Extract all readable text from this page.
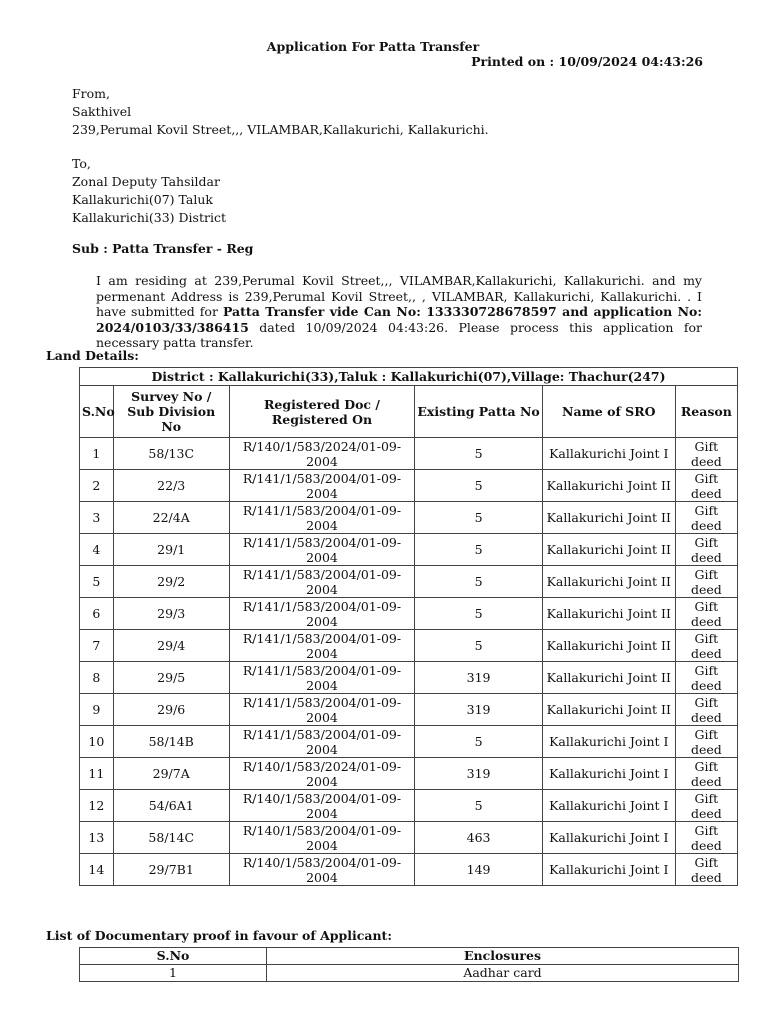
Application For Patta Transfer
Printed on : 10/09/2024 04:43:26
From,
Sakthivel
239,Perumal Kovil Street,,, VILAMBAR,Kallakurichi, Kallakurichi.
To,
Zonal Deputy Tahsildar
Kallakurichi(07) Taluk
Kallakurichi(33) District
Sub : Patta Transfer - Reg
I am residing at 239,Perumal Kovil Street,,, VILAMBAR,Kallakurichi, Kallakurichi. and my permenant Address is 239,Perumal Kovil Street,, , VILAMBAR, Kallakurichi, Kallakurichi. . I have submitted for Patta Transfer vide Can No: 133330728678597 and application No: 2024/0103/33/386415 dated 10/09/2024 04:43:26. Please process this application for necessary patta transfer.
Land Details:
District : Kallakurichi(33),Taluk : Kallakurichi(07),Village: Thachur(247)					
S.No	Survey No / Sub Division No	Registered Doc / Registered On	Existing Patta No	Name of SRO	Reason
1	58/13C	R/140/1/583/2024/01-09-2004	5	Kallakurichi Joint I	Gift deed
2	22/3	R/141/1/583/2004/01-09-2004	5	Kallakurichi Joint II	Gift deed
3	22/4A	R/141/1/583/2004/01-09-2004	5	Kallakurichi Joint II	Gift deed
4	29/1	R/141/1/583/2004/01-09-2004	5	Kallakurichi Joint II	Gift deed
5	29/2	R/141/1/583/2004/01-09-2004	5	Kallakurichi Joint II	Gift deed
6	29/3	R/141/1/583/2004/01-09-2004	5	Kallakurichi Joint II	Gift deed
7	29/4	R/141/1/583/2004/01-09-2004	5	Kallakurichi Joint II	Gift deed
8	29/5	R/141/1/583/2004/01-09-2004	319	Kallakurichi Joint II	Gift deed
9	29/6	R/141/1/583/2004/01-09-2004	319	Kallakurichi Joint II	Gift deed
10	58/14B	R/141/1/583/2004/01-09-2004	5	Kallakurichi Joint I	Gift deed
11	29/7A	R/140/1/583/2024/01-09-2004	319	Kallakurichi Joint I	Gift deed
12	54/6A1	R/140/1/583/2004/01-09-2004	5	Kallakurichi Joint I	Gift deed
13	58/14C	R/140/1/583/2004/01-09-2004	463	Kallakurichi Joint I	Gift deed
14	29/7B1	R/140/1/583/2004/01-09-2004	149	Kallakurichi Joint I	Gift deed
List of Documentary proof in favour of Applicant:
S.No	Enclosures
1	Aadhar card
